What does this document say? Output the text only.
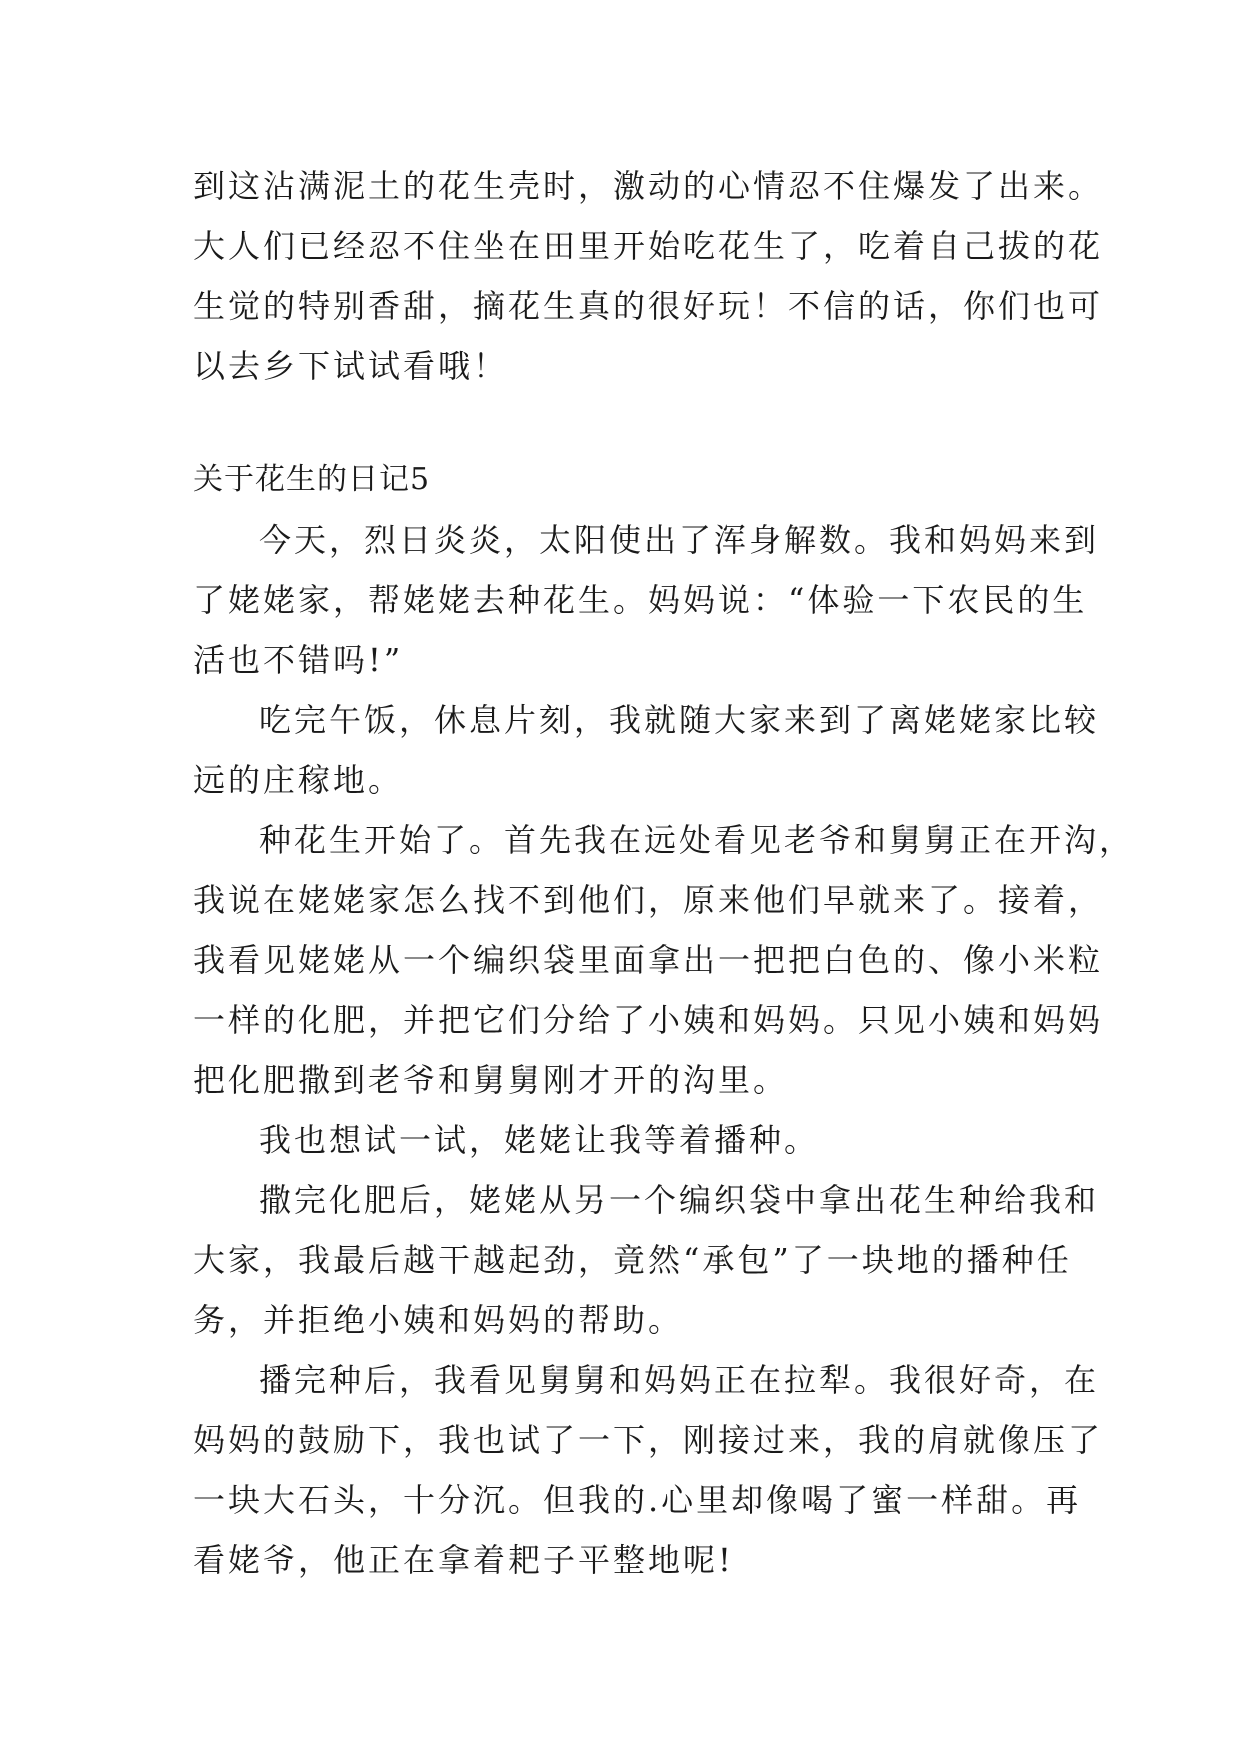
到这沾满泥土的花生壳时，激动的心情忍不住爆发了出来。
大人们已经忍不住坐在田里开始吃花生了，吃着自己拔的花
生觉的特别香甜，摘花生真的很好玩！不信的话，你们也可
以去乡下试试看哦！
关于花生的日记5
今天，烈日炎炎，太阳使出了浑身解数。我和妈妈来到
了姥姥家，帮姥姥去种花生。妈妈说：“体验一下农民的生
活也不错吗!”
吃完午饭，休息片刻，我就随大家来到了离姥姥家比较
远的庄稼地。
种花生开始了。首先我在远处看见老爷和舅舅正在开沟，
我说在姥姥家怎么找不到他们，原来他们早就来了。接着，
我看见姥姥从一个编织袋里面拿出一把把白色的、像小米粒
一样的化肥，并把它们分给了小姨和妈妈。只见小姨和妈妈
把化肥撒到老爷和舅舅刚才开的沟里。
我也想试一试，姥姥让我等着播种。
撒完化肥后，姥姥从另一个编织袋中拿出花生种给我和
大家，我最后越干越起劲，竟然“承包”了一块地的播种任
务，并拒绝小姨和妈妈的帮助。
播完种后，我看见舅舅和妈妈正在拉犁。我很好奇，在
妈妈的鼓励下，我也试了一下，刚接过来，我的肩就像压了
一块大石头，十分沉。但我的.心里却像喝了蜜一样甜。再
看姥爷，他正在拿着耙子平整地呢!
